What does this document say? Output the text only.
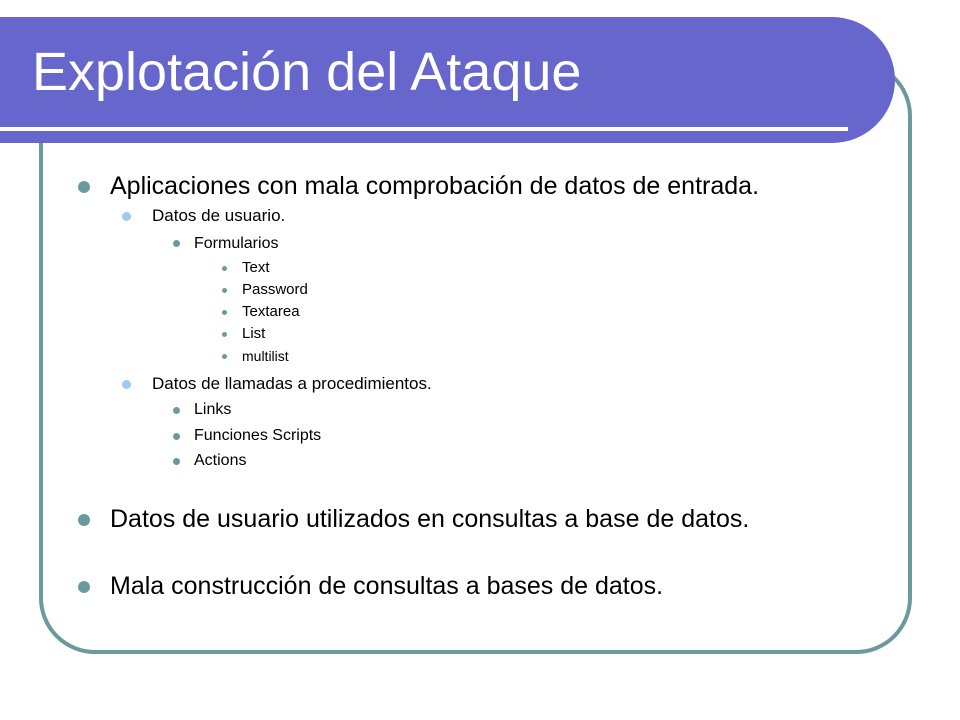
Explotación del Ataque
Aplicaciones con mala comprobación de datos de entrada.
Datos de usuario.
Formularios
Text
Password
Textarea
List
multilist
Datos de llamadas a procedimientos.
Links
Funciones Scripts
Actions
Datos de usuario utilizados en consultas a base de datos.
Mala construcción de consultas a bases de datos.
